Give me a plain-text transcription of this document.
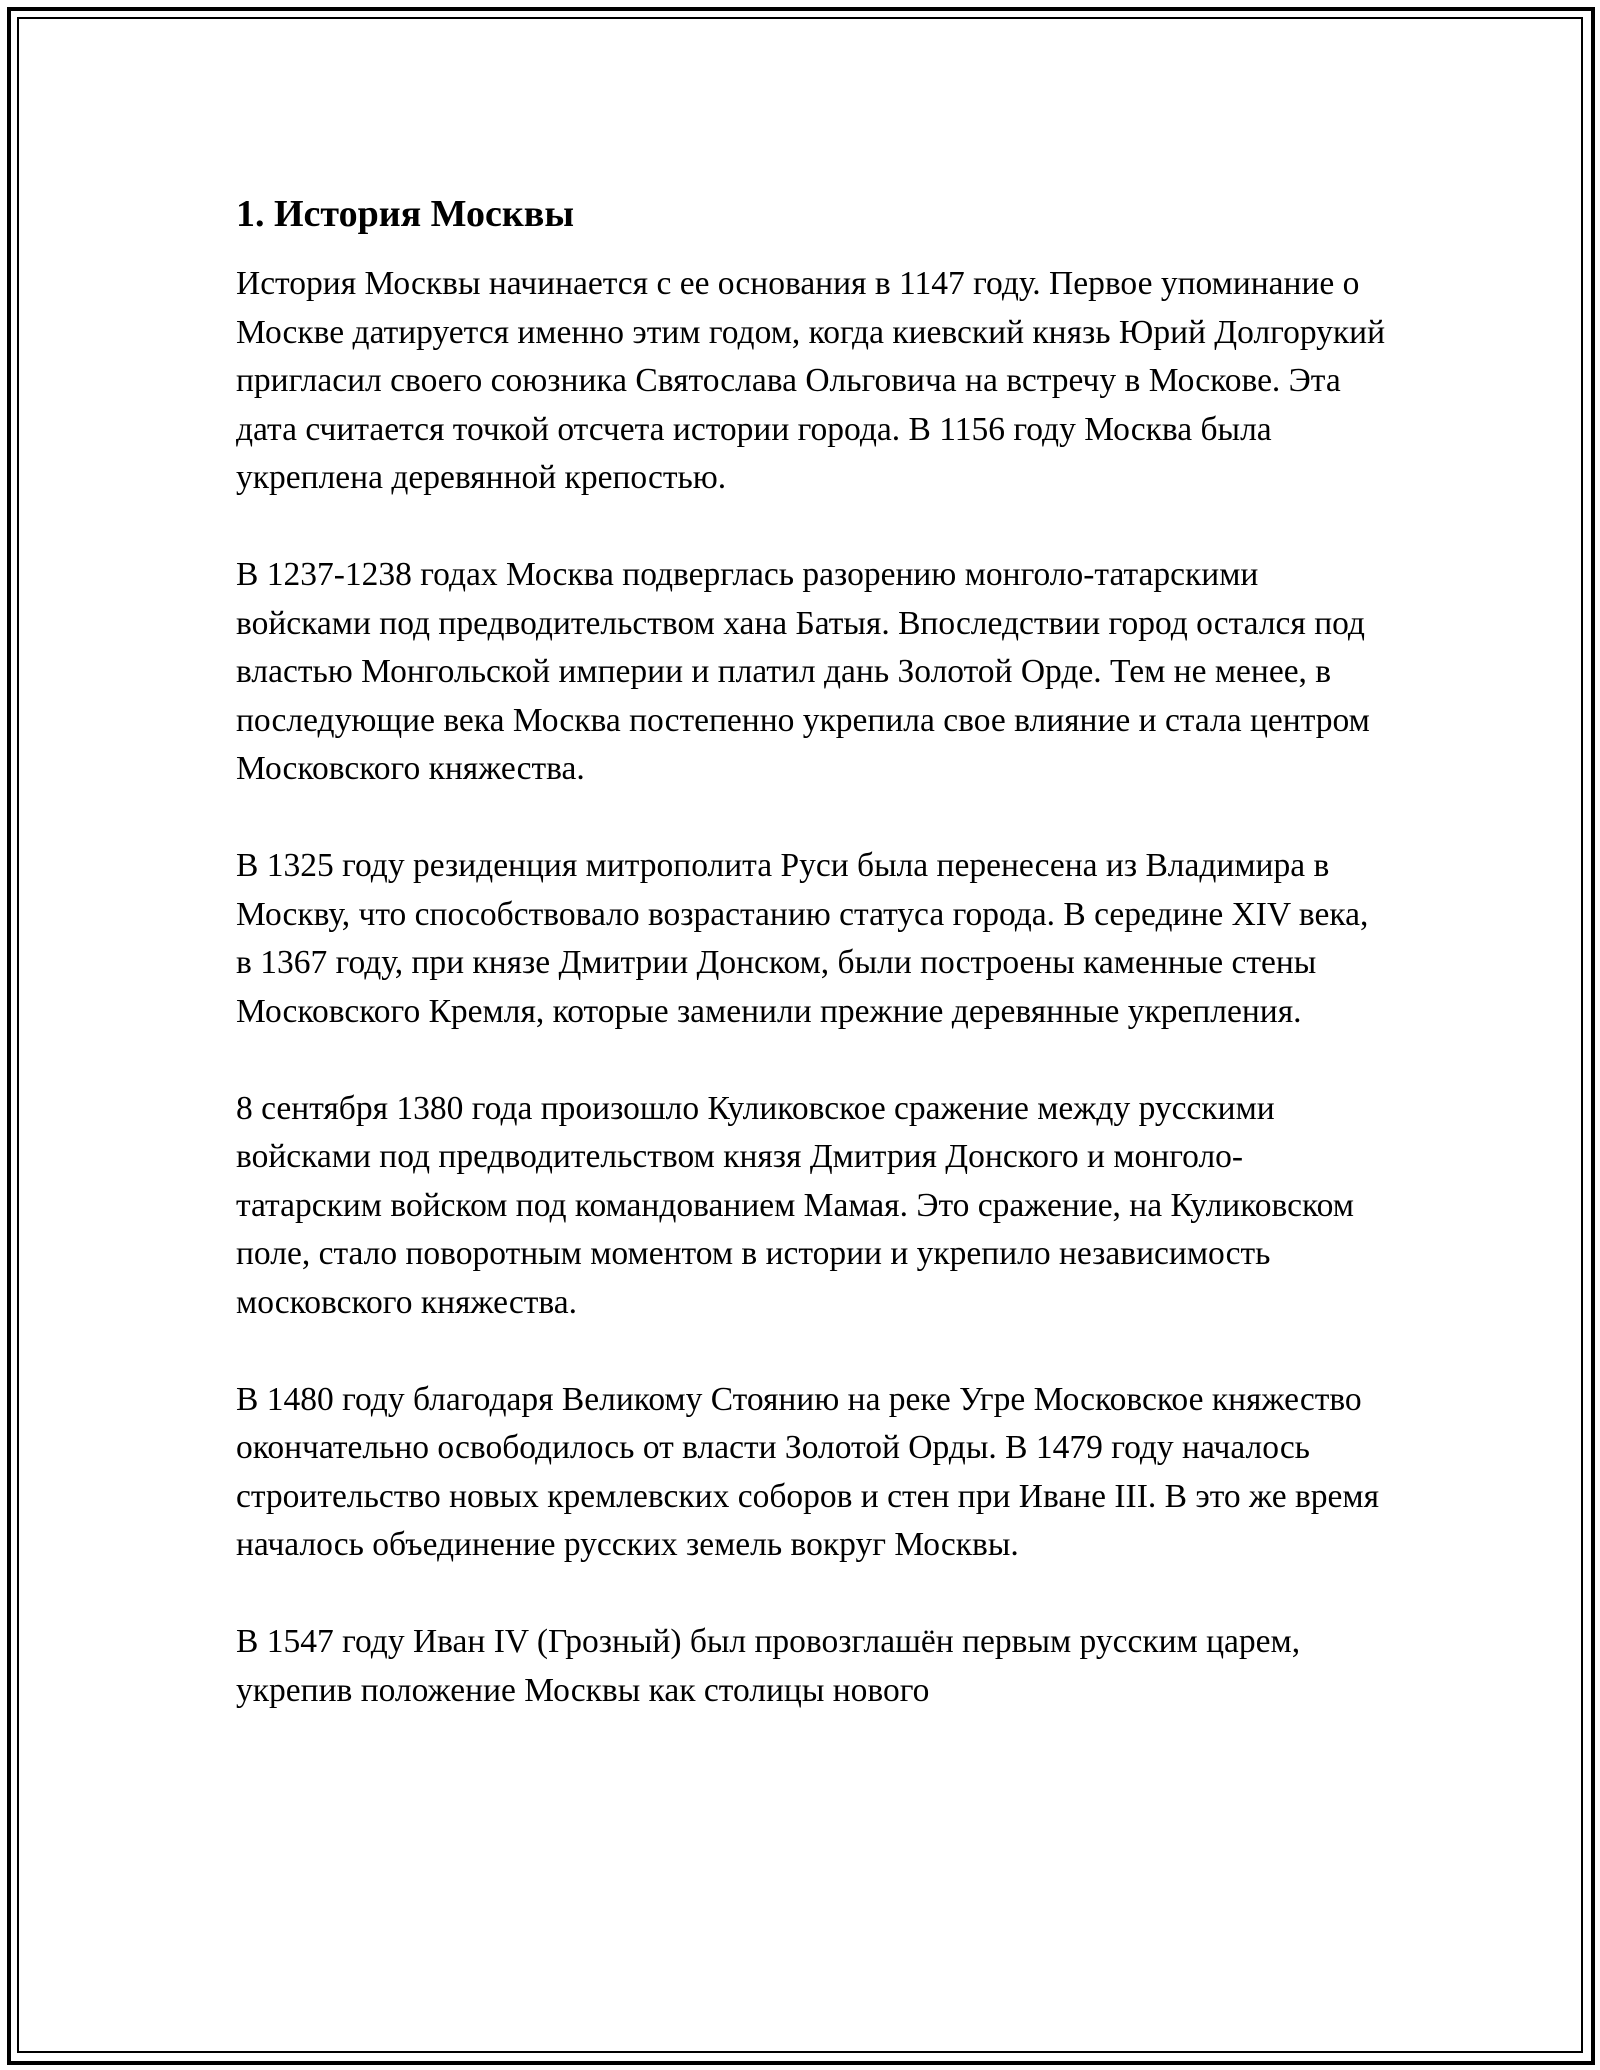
1. История Москвы

История Москвы начинается с ее основания в 1147 году. Первое упоминание о Москве датируется именно этим годом, когда киевский князь Юрий Долгорукий пригласил своего союзника Святослава Ольговича на встречу в Москове. Эта дата считается точкой отсчета истории города. В 1156 году Москва была укреплена деревянной крепостью.

В 1237-1238 годах Москва подверглась разорению монголо-татарскими войсками под предводительством хана Батыя. Впоследствии город остался под властью Монгольской империи и платил дань Золотой Орде. Тем не менее, в последующие века Москва постепенно укрепила свое влияние и стала центром Московского княжества.

В 1325 году резиденция митрополита Руси была перенесена из Владимира в Москву, что способствовало возрастанию статуса города. В середине XIV века, в 1367 году, при князе Дмитрии Донском, были построены каменные стены Московского Кремля, которые заменили прежние деревянные укрепления.

8 сентября 1380 года произошло Куликовское сражение между русскими войсками под предводительством князя Дмитрия Донского и монголо-татарским войском под командованием Мамая. Это сражение, на Куликовском поле, стало поворотным моментом в истории и укрепило независимость московского княжества.

В 1480 году благодаря Великому Стоянию на реке Угре Московское княжество окончательно освободилось от власти Золотой Орды. В 1479 году началось строительство новых кремлевских соборов и стен при Иване III. В это же время началось объединение русских земель вокруг Москвы.

В 1547 году Иван IV (Грозный) был провозглашён первым русским царем, укрепив положение Москвы как столицы нового
